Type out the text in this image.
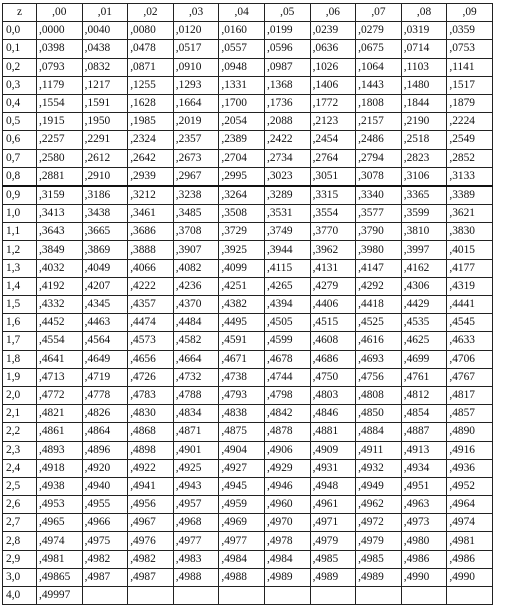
z	,00	,01	,02	,03	,04	,05	,06	,07	,08	,09
0,0	,0000	,0040	,0080	,0120	,0160	,0199	,0239	,0279	,0319	,0359
0,1	,0398	,0438	,0478	,0517	,0557	,0596	,0636	,0675	,0714	,0753
0,2	,0793	,0832	,0871	,0910	,0948	,0987	,1026	,1064	,1103	,1141
0,3	,1179	,1217	,1255	,1293	,1331	,1368	,1406	,1443	,1480	,1517
0,4	,1554	,1591	,1628	,1664	,1700	,1736	,1772	,1808	,1844	,1879
0,5	,1915	,1950	,1985	,2019	,2054	,2088	,2123	,2157	,2190	,2224
0,6	,2257	,2291	,2324	,2357	,2389	,2422	,2454	,2486	,2518	,2549
0,7	,2580	,2612	,2642	,2673	,2704	,2734	,2764	,2794	,2823	,2852
0,8	,2881	,2910	,2939	,2967	,2995	,3023	,3051	,3078	,3106	,3133
0,9	,3159	,3186	,3212	,3238	,3264	,3289	,3315	,3340	,3365	,3389
1,0	,3413	,3438	,3461	,3485	,3508	,3531	,3554	,3577	,3599	,3621
1,1	,3643	,3665	,3686	,3708	,3729	,3749	,3770	,3790	,3810	,3830
1,2	,3849	,3869	,3888	,3907	,3925	,3944	,3962	,3980	,3997	,4015
1,3	,4032	,4049	,4066	,4082	,4099	,4115	,4131	,4147	,4162	,4177
1,4	,4192	,4207	,4222	,4236	,4251	,4265	,4279	,4292	,4306	,4319
1,5	,4332	,4345	,4357	,4370	,4382	,4394	,4406	,4418	,4429	,4441
1,6	,4452	,4463	,4474	,4484	,4495	,4505	,4515	,4525	,4535	,4545
1,7	,4554	,4564	,4573	,4582	,4591	,4599	,4608	,4616	,4625	,4633
1,8	,4641	,4649	,4656	,4664	,4671	,4678	,4686	,4693	,4699	,4706
1,9	,4713	,4719	,4726	,4732	,4738	,4744	,4750	,4756	,4761	,4767
2,0	,4772	,4778	,4783	,4788	,4793	,4798	,4803	,4808	,4812	,4817
2,1	,4821	,4826	,4830	,4834	,4838	,4842	,4846	,4850	,4854	,4857
2,2	,4861	,4864	,4868	,4871	,4875	,4878	,4881	,4884	,4887	,4890
2,3	,4893	,4896	,4898	,4901	,4904	,4906	,4909	,4911	,4913	,4916
2,4	,4918	,4920	,4922	,4925	,4927	,4929	,4931	,4932	,4934	,4936
2,5	,4938	,4940	,4941	,4943	,4945	,4946	,4948	,4949	,4951	,4952
2,6	,4953	,4955	,4956	,4957	,4959	,4960	,4961	,4962	,4963	,4964
2,7	,4965	,4966	,4967	,4968	,4969	,4970	,4971	,4972	,4973	,4974
2,8	,4974	,4975	,4976	,4977	,4977	,4978	,4979	,4979	,4980	,4981
2,9	,4981	,4982	,4982	,4983	,4984	,4984	,4985	,4985	,4986	,4986
3,0	,49865	,4987	,4987	,4988	,4988	,4989	,4989	,4989	,4990	,4990
4,0	,49997									
